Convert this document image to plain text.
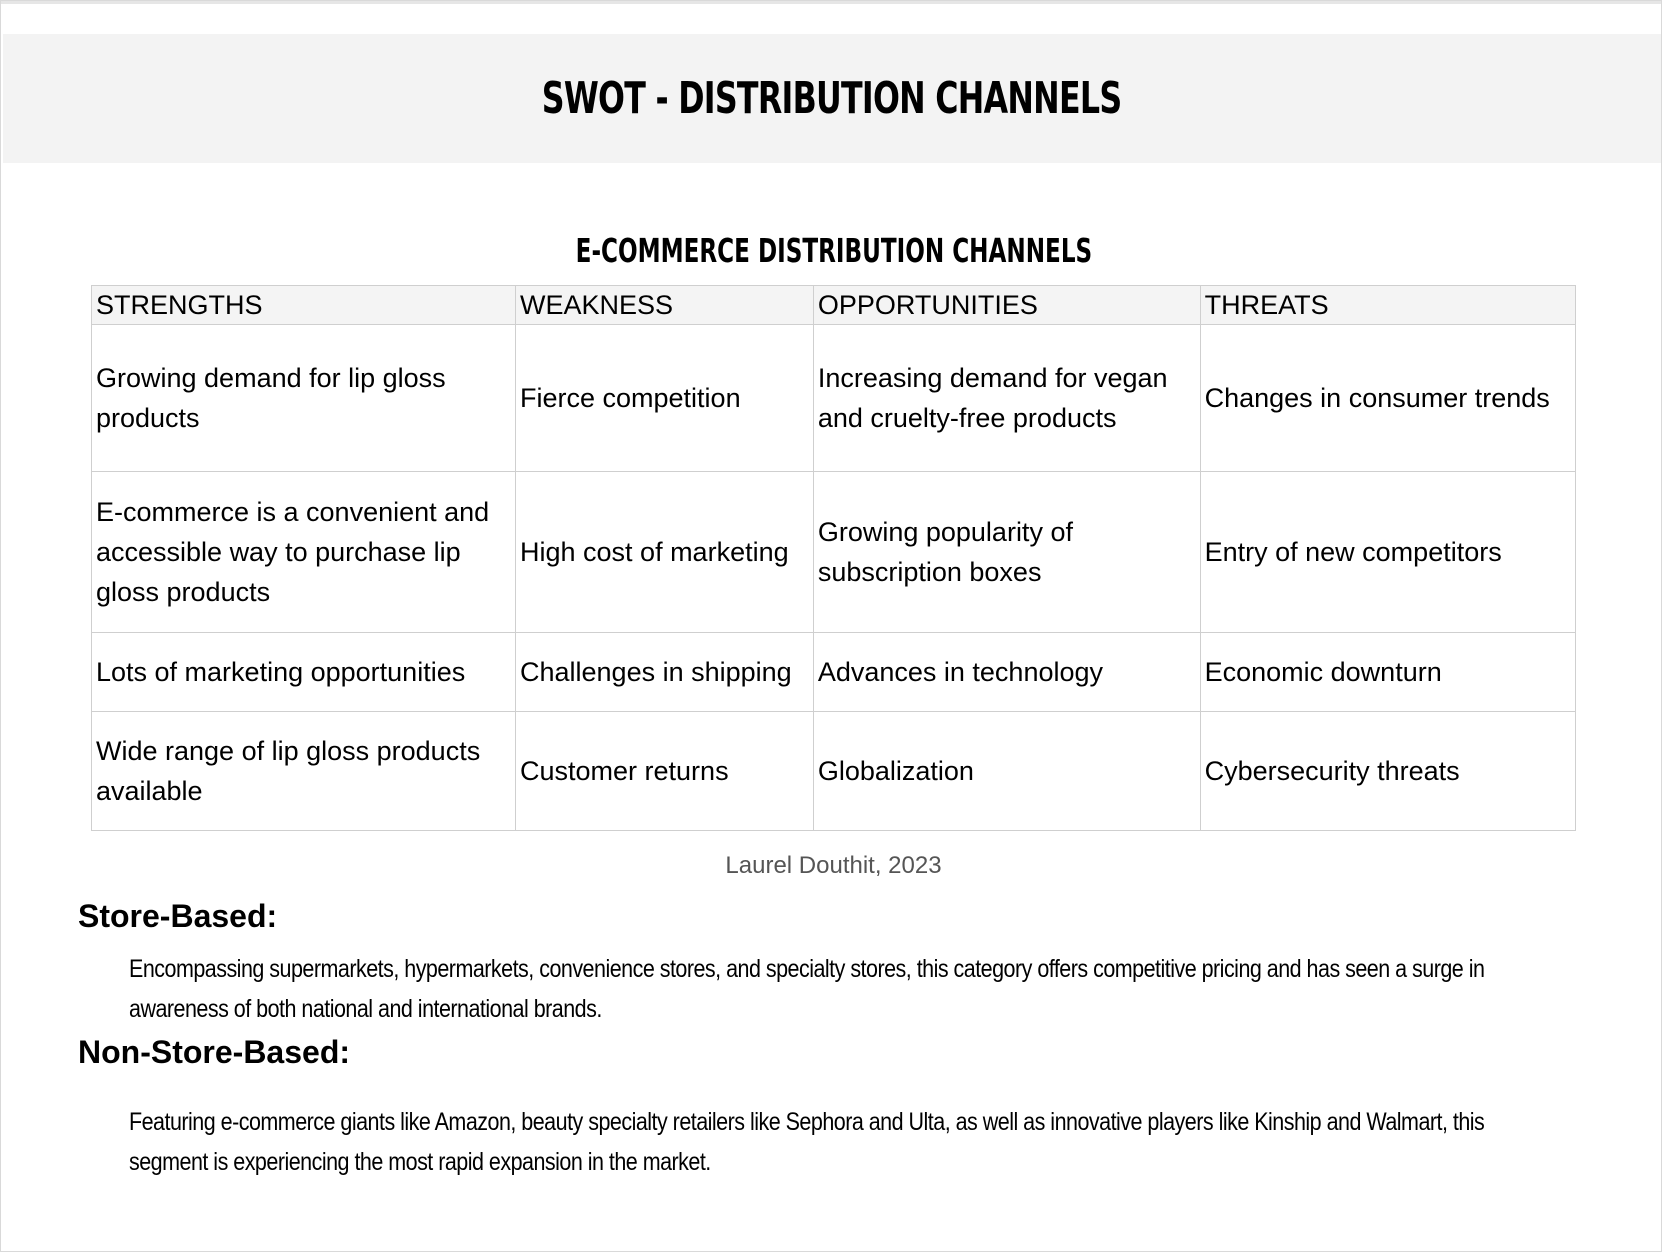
SWOT - DISTRIBUTION CHANNELS
E-COMMERCE DISTRIBUTION CHANNELS
STRENGTHS	WEAKNESS	OPPORTUNITIES	THREATS

Growing demand for lip gloss products	Fierce competition	Increasing demand for vegan and cruelty-free products	Changes in consumer trends

E-commerce is a convenient and accessible way to purchase lip gloss products	High cost of marketing	Growing popularity of subscription boxes	Entry of new competitors

Lots of marketing opportunities	Challenges in shipping	Advances in technology	Economic downturn

Wide range of lip gloss products available	Customer returns	Globalization	Cybersecurity threats
Laurel Douthit, 2023
Store-Based:

Encompassing supermarkets, hypermarkets, convenience stores, and specialty stores, this category offers competitive pricing and has seen a surge in awareness of both national and international brands.

Non-Store-Based:

Featuring e-commerce giants like Amazon, beauty specialty retailers like Sephora and Ulta, as well as innovative players like Kinship and Walmart, this segment is experiencing the most rapid expansion in the market.
